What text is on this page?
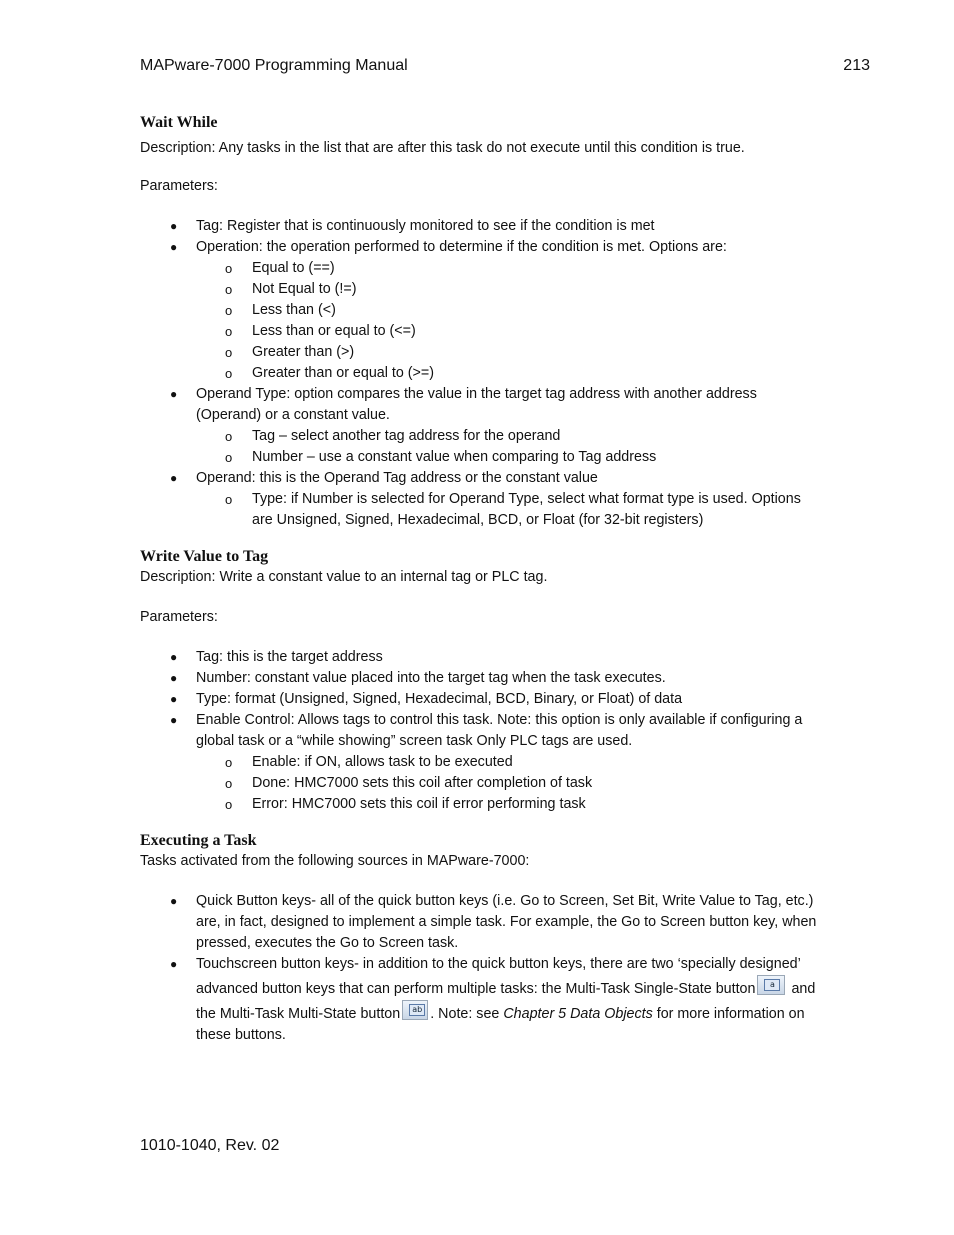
MAPware-7000 Programming Manual	213
Wait While

Description: Any tasks in the list that are after this task do not execute until this condition is true.

Parameters:

● Tag: Register that is continuously monitored to see if the condition is met
● Operation: the operation performed to determine if the condition is met. Options are:
o Equal to (==)
o Not Equal to (!=)
o Less than (<)
o Less than or equal to (<=)
o Greater than (>)
o Greater than or equal to (>=)
● Operand Type: option compares the value in the target tag address with another address (Operand) or a constant value.
o Tag – select another tag address for the operand
o Number – use a constant value when comparing to Tag address
● Operand: this is the Operand Tag address or the constant value
o Type: if Number is selected for Operand Type, select what format type is used. Options are Unsigned, Signed, Hexadecimal, BCD, or Float (for 32-bit registers)
Write Value to Tag

Description: Write a constant value to an internal tag or PLC tag.

Parameters:

● Tag: this is the target address
● Number: constant value placed into the target tag when the task executes.
● Type: format (Unsigned, Signed, Hexadecimal, BCD, Binary, or Float) of data
● Enable Control: Allows tags to control this task. Note: this option is only available if configuring a global task or a “while showing” screen task Only PLC tags are used.
o Enable: if ON, allows task to be executed
o Done: HMC7000 sets this coil after completion of task
o Error: HMC7000 sets this coil if error performing task
Executing a Task

Tasks activated from the following sources in MAPware-7000:

● Quick Button keys- all of the quick button keys (i.e. Go to Screen, Set Bit, Write Value to Tag, etc.) are, in fact, designed to implement a simple task. For example, the Go to Screen button key, when pressed, executes the Go to Screen task.
● Touchscreen button keys- in addition to the quick button keys, there are two ‘specially designed’ advanced button keys that can perform multiple tasks: the Multi-Task Single-State button	a and the Multi-Task Multi-State button	ab . Note: see Chapter 5 Data Objects for more information on these buttons.
1010-1040, Rev. 02
